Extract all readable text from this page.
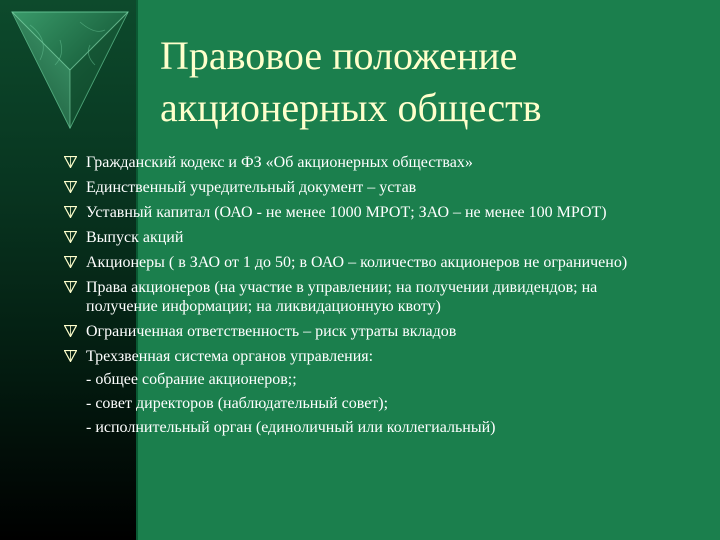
Правовое положение
акционерных обществ
Гражданский кодекс и ФЗ «Об акционерных обществах»
Единственный учредительный документ – устав
Уставный капитал (ОАО - не менее 1000 МРОТ; ЗАО – не менее 100 МРОТ)
Выпуск акций
Акционеры ( в ЗАО от 1 до 50; в ОАО – количество акционеров не ограничено)
Права акционеров (на участие в управлении; на получении дивидендов; на получение информации; на ликвидационную квоту)
Ограниченная ответственность – риск утраты вкладов
Трехзвенная система органов управления:
- общее собрание акционеров;;
- совет директоров (наблюдательный совет);
- исполнительный орган (единоличный или коллегиальный)
